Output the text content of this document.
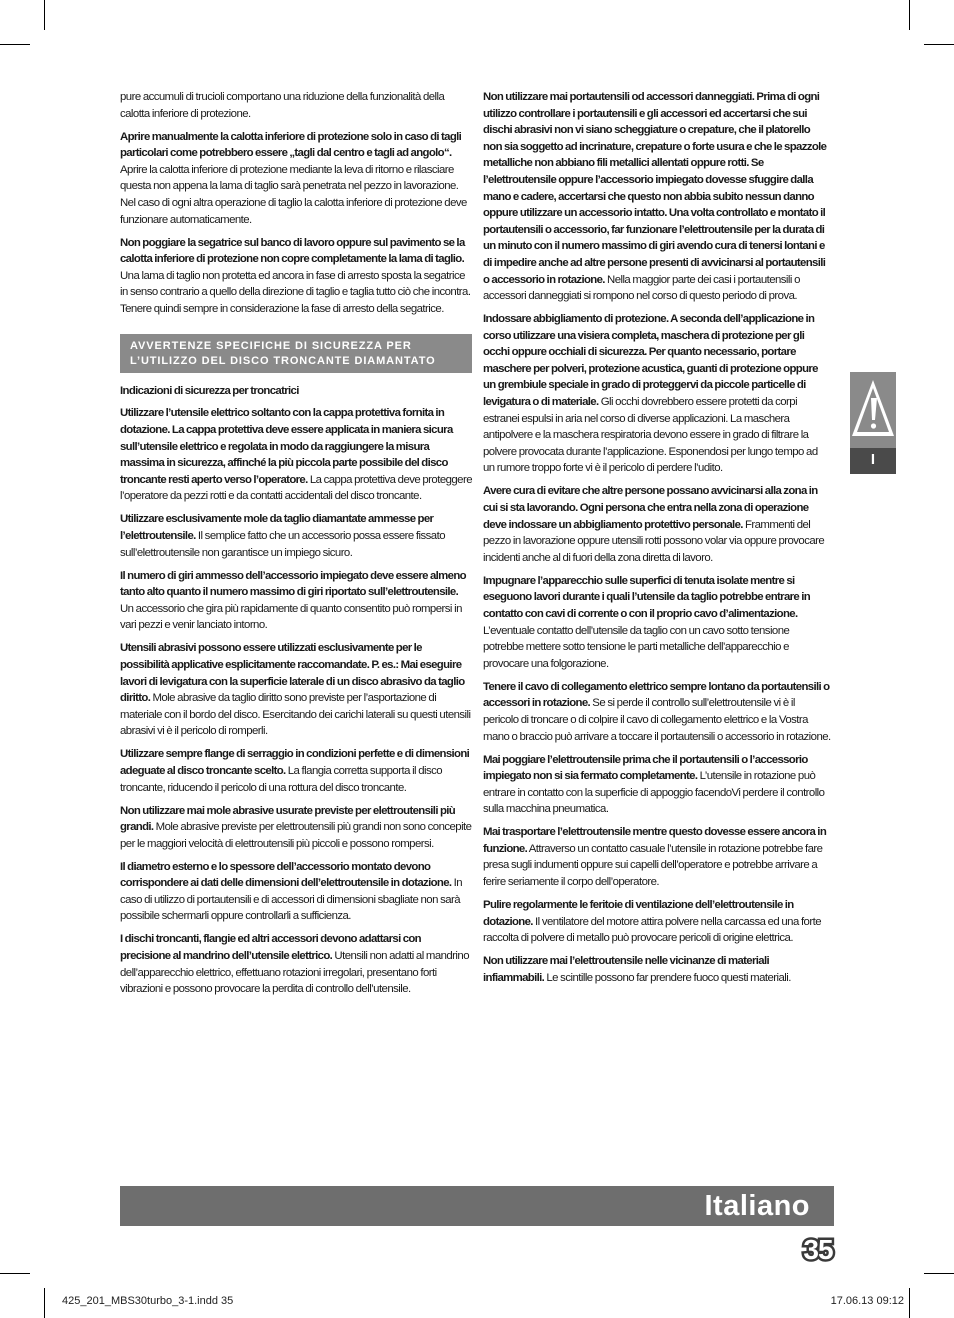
pure accumuli di trucioli comportano una riduzione della funzionalità della calotta inferiore di protezione.

Aprire manualmente la calotta inferiore di protezione solo in caso di tagli particolari come potrebbero essere „tagli dal centro e tagli ad angolo“. Aprire la calotta inferiore di protezione mediante la leva di ritorno e rilasciare questa non appena la lama di taglio sarà penetrata nel pezzo in lavorazione. Nel caso di ogni altra operazione di taglio la calotta inferiore di protezione deve funzionare automaticamente.

Non poggiare la segatrice sul banco di lavoro oppure sul pavimento se la calotta inferiore di protezione non copre completamente la lama di taglio. Una lama di taglio non protetta ed ancora in fase di arresto sposta la segatrice in senso contrario a quello della direzione di taglio e taglia tutto ciò che incontra. Tenere quindi sempre in considerazione la fase di arresto della segatrice.

AVVERTENZE SPECIFICHE DI SICUREZZA PER L’UTILIZZO DEL DISCO TRONCANTE DIAMANTATO

Indicazioni di sicurezza per troncatrici

Utilizzare l’utensile elettrico soltanto con la cappa protettiva fornita in dotazione. La cappa protettiva deve essere applicata in maniera sicura sull’utensile elettrico e regolata in modo da raggiungere la misura massima in sicurezza, affinché la più piccola parte possibile del disco troncante resti aperto verso l’operatore. La cappa protettiva deve proteggere l’operatore da pezzi rotti e da contatti accidentali del disco troncante.

Utilizzare esclusivamente mole da taglio diamantate ammesse per l’elettroutensile. Il semplice fatto che un accessorio possa essere fissato sull’elettroutensile non garantisce un impiego sicuro.

Il numero di giri ammesso dell’accessorio impiegato deve essere almeno tanto alto quanto il numero massimo di giri riportato sull’elettroutensile. Un accessorio che gira più rapidamente di quanto consentito può rompersi in vari pezzi e venir lanciato intorno.

Utensili abrasivi possono essere utilizzati esclusivamente per le possibilità applicative esplicitamente raccomandate. P. es.: Mai eseguire lavori di levigatura con la superficie laterale di un disco abrasivo da taglio diritto. Mole abrasive da taglio diritto sono previste per l’asportazione di materiale con il bordo del disco. Esercitando dei carichi laterali su questi utensili abrasivi vi è il pericolo di romperli.

Utilizzare sempre flange di serraggio in condizioni perfette e di dimensioni adeguate al disco troncante scelto. La flangia corretta supporta il disco troncante, riducendo il pericolo di una rottura del disco troncante.

Non utilizzare mai mole abrasive usurate previste per elettroutensili più grandi. Mole abrasive previste per elettroutensili più grandi non sono concepite per le maggiori velocità di elettroutensili più piccoli e possono rompersi.

Il diametro esterno e lo spessore dell’accessorio montato devono corrispondere ai dati delle dimensioni dell’elettroutensile in dotazione. In caso di utilizzo di portautensili e di accessori di dimensioni sbagliate non sarà possibile schermarli oppure controllarli a sufficienza.

I dischi troncanti, flangie ed altri accessori devono adattarsi con precisione al mandrino dell’utensile elettrico. Utensili non adatti al mandrino dell’apparecchio elettrico, effettuano rotazioni irregolari, presentano forti vibrazioni e possono provocare la perdita di controllo dell’utensile.

Non utilizzare mai portautensili od accessori danneggiati. Prima di ogni utilizzo controllare i portautensili e gli accessori ed accertarsi che sui dischi abrasivi non vi siano scheggiature o crepature, che il platorello non sia soggetto ad incrinature, crepature o forte usura e che le spazzole metalliche non abbiano fili metallici allentati oppure rotti. Se l’elettroutensile oppure l’accessorio impiegato dovesse sfuggire dalla mano e cadere, accertarsi che questo non abbia subito nessun danno oppure utilizzare un accessorio intatto. Una volta controllato e montato il portautensili o accessorio, far funzionare l’elettroutensile per la durata di un minuto con il numero massimo di giri avendo cura di tenersi lontani e di impedire anche ad altre persone presenti di avvicinarsi al portautensili o accessorio in rotazione. Nella maggior parte dei casi i portautensili o accessori danneggiati si rompono nel corso di questo periodo di prova.

Indossare abbigliamento di protezione. A seconda dell’applicazione in corso utilizzare una visiera completa, maschera di protezione per gli occhi oppure occhiali di sicurezza. Per quanto necessario, portare maschere per polveri, protezione acustica, guanti di protezione oppure un grembiule speciale in grado di proteggervi da piccole particelle di levigatura o di materiale. Gli occhi dovrebbero essere protetti da corpi estranei espulsi in aria nel corso di diverse applicazioni. La maschera antipolvere e la maschera respiratoria devono essere in grado di filtrare la polvere provocata durante l’applicazione. Esponendosi per lungo tempo ad un rumore troppo forte vi è il pericolo di perdere l’udito.

Avere cura di evitare che altre persone possano avvicinarsi alla zona in cui si sta lavorando. Ogni persona che entra nella zona di operazione deve indossare un abbigliamento protettivo personale. Frammenti del pezzo in lavorazione oppure utensili rotti possono volar via oppure provocare incidenti anche al di fuori della zona diretta di lavoro.

Impugnare l’apparecchio sulle superfici di tenuta isolate mentre si eseguono lavori durante i quali l’utensile da taglio potrebbe entrare in contatto con cavi di corrente o con il proprio cavo d’alimentazione. L’eventuale contatto dell’utensile da taglio con un cavo sotto tensione potrebbe mettere sotto tensione le parti metalliche dell’apparecchio e provocare una folgorazione.

Tenere il cavo di collegamento elettrico sempre lontano da portautensili o accessori in rotazione. Se si perde il controllo sull’elettroutensile vi è il pericolo di troncare o di colpire il cavo di collegamento elettrico e la Vostra mano o braccio può arrivare a toccare il portautensili o accessorio in rotazione.

Mai poggiare l’elettroutensile prima che il portautensili o l’accessorio impiegato non si sia fermato completamente. L’utensile in rotazione può entrare in contatto con la superficie di appoggio facendoVi perdere il controllo sulla macchina pneumatica.

Mai trasportare l’elettroutensile mentre questo dovesse essere ancora in funzione. Attraverso un contatto casuale l’utensile in rotazione potrebbe fare presa sugli indumenti oppure sui capelli dell’operatore e potrebbe arrivare a ferire seriamente il corpo dell’operatore.

Pulire regolarmente le feritoie di ventilazione dell’elettroutensile in dotazione. Il ventilatore del motore attira polvere nella carcassa ed una forte raccolta di polvere di metallo può provocare pericoli di origine elettrica.

Non utilizzare mai l’elettroutensile nelle vicinanze di materiali infiammabili. Le scintille possono far prendere fuoco questi materiali.

I
Italiano
35
425_201_MBS30turbo_3-1.indd 35	17.06.13 09:12
